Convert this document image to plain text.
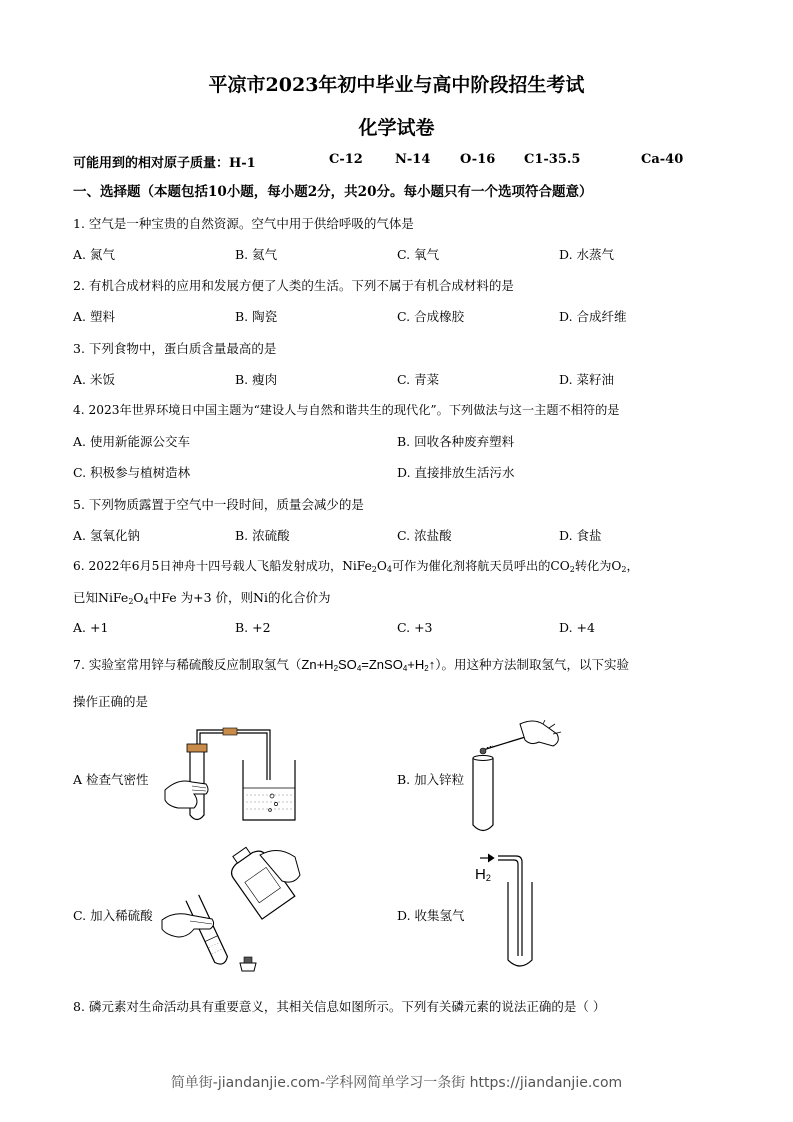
平凉市2023年初中毕业与高中阶段招生考试
化学试卷
可能用到的相对原子质量：H-1	C-12 N-14 O-16 C1-35.5	Ca-40
一、选择题（本题包括10小题，每小题2分，共20分。每小题只有一个选项符合题意）
1. 空气是一种宝贵的自然资源。空气中用于供给呼吸的气体是
A. 氮气	B. 氦气	C. 氧气	D. 水蒸气
2. 有机合成材料的应用和发展方便了人类的生活。下列不属于有机合成材料的是
A. 塑料	B. 陶瓷	C. 合成橡胶	D. 合成纤维
3. 下列食物中，蛋白质含量最高的是
A. 米饭	B. 瘦肉	C. 青菜	D. 菜籽油
4. 2023年世界环境日中国主题为“建设人与自然和谐共生的现代化”。下列做法与这一主题不相符的是
A. 使用新能源公交车	B. 回收各种废弃塑料
C. 积极参与植树造林	D. 直接排放生活污水
5. 下列物质露置于空气中一段时间，质量会减少的是
A. 氢氧化钠	B. 浓硫酸	C. 浓盐酸	D. 食盐
6. 2022年6月5日神舟十四号载人飞船发射成功，$NiFe_2O_4$可作为催化剂将航天员呼出的$CO_2$转化为$O_2$，
已知$NiFe_2O_4$中Fe 为+3 价，则Ni的化合价为
A. +1	B. +2	C. +3	D. +4
7. 实验室常用锌与稀硫酸反应制取氢气$(Zn+H_2SO_4=ZnSO_4+H_2↑)$。用这种方法制取氢气，以下实验
操作正确的是
A 检查气密性	B. 加入锌粒
C. 加入稀硫酸	D. 收集氢气
$H_2$
8. 磷元素对生命活动具有重要意义，其相关信息如图所示。下列有关磷元素的说法正确的是（ ）
简单街-jiandanjie.com-学科网简单学习一条街 https://jiandanjie.com
